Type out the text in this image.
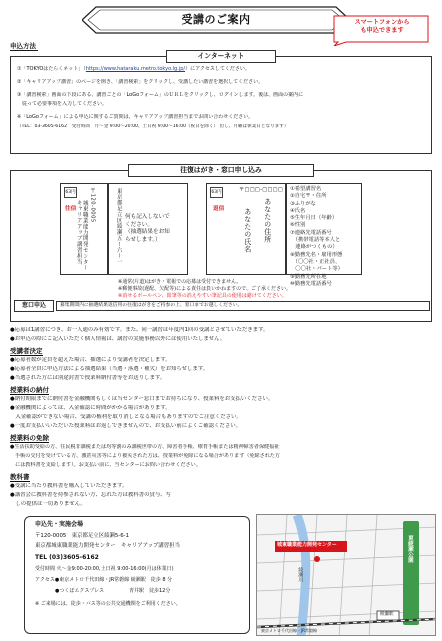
受講のご案内	スマートフォンから
も申込できます
申込方法
①「TOKYOはたらくネット」（https://www.hataraku.metro.tokyo.lg.jp/）にアクセスしてください。
②「キャリアアップ講習」のページを開き、「講習検索」をクリックし、受講したい講習を選択してください。
③「講習検索」画面の下段にある、講習ごとの「LoGoフォーム」のＵＲＬをクリックし、ログインします。後は、画面の案内に
　従って必要事項を入力してください。
※「LoGoフォーム」による申込に関するご質問は、キャリアアップ講習担当までお問い合わせください。
（TEL：03-3605-6162　受付時間　月～金 9:00～20:00、土日祝 9:00～16:00（祝日を除く） 但し、月曜は休業日となります）
インターネット
往復はがき・窓口申し込み
63円
往信	〒120-0005
キャリアアップ講習担当 城東職業能力開発センター	東京都足立区綾瀬五ー六ー一 何も記入しないで
ください。
（抽選結果をお知
らせします。）
63円
返信
〒□□□-□□□□
あなたの住所
あなたの氏名
①希望講習名
②自宅〒・住所
③ふりがな
④氏名
⑤生年月日（年齢）
⑥性別
⑦連絡先電話番号
　（携帯電話等本人と
　連絡がつくもの）
⑧勤務先名・雇用形態
　（〇〇社・正社員、
　〇〇社・パート等）
⑨勤務先所在地
⑩勤務先電話番号
※通常(片道)はがき・電報での応募は受付できません。
※郵便事故(遅配、欠配等)による責任は負いかねますので、ご了承ください。
※消せるボールペン、鉛筆等の消えやすい筆記具の使用は避けてください。
募集期間内に抽選結果返信用の往復はがきをご持参の上、窓口までお越しください。
窓口申込
●応募は1講習につき、お一人通のみ有効です。また、同一講習は年度内1回の受講とさせていただきます。
●お申込の際にご記入いただく個人情報は、講習の実施事務以外には使用いたしません。
受講者決定
●応募者数が定員を超えた場合、抽選により受講者を決定します。
●応募者全員に申込方法による抽選結果（当選・落選・補欠）をお知らせします。
●当選された方には別途封書で授業料納付書等をお送りします。
授業料の納付
●納付期限までに納付書を金融機関もしくは当センター窓口までお持ちになり、授業料をお支払いください。
●金融機関によっては、入金確認に時間がかかる場合があります。
　入金確認ができない場合、受講の権利を取り消しとなる場合もありますのでご注意ください。
●一度お支払いいただいた授業料はお返しできませんので、お支払い前によくご確認ください。
授業料の免除
●生活扶助受給の方、住民税非課税または均等割のみ課税世帯の方、障害者手帳、療育手帳または精神障害者保健福祉
　手帳の交付を受けている方、激甚災害等により被災された方は、授業料が免除になる場合があります（免除された方
　には教科書を支給します）。お支払い前に、当センターにお問い合わせください。
教科書
●受講に当たり教科書を購入していただきます。
●講習会に教科書を持参されない方、忘れた方は教科書の貸与、写
　しの提供は一切ありません。
申込先・実施会場
〒120-0005　東京都足立区綾瀬5-6-1
東京都城東職業能力開発センター　キャリアアップ講習担当
TEL (03)3605-6162
受付時間 火～金9:00-20:00,土日祝 9:00-16:00(月は休業日)
アクセス●東京メトロ千代田線・JR常磐線 綾瀬駅　徒歩 8 分
　　　　●つくばエクスプレス　　　　　青井駅　徒歩12分
※ ご来場には、徒歩・バス等の公共交通機関をご利用ください。
城東職業能力開発センター	東綾瀬公園
綾瀬川
綾瀬駅
東京メトロ千代田線・JR常磐線
